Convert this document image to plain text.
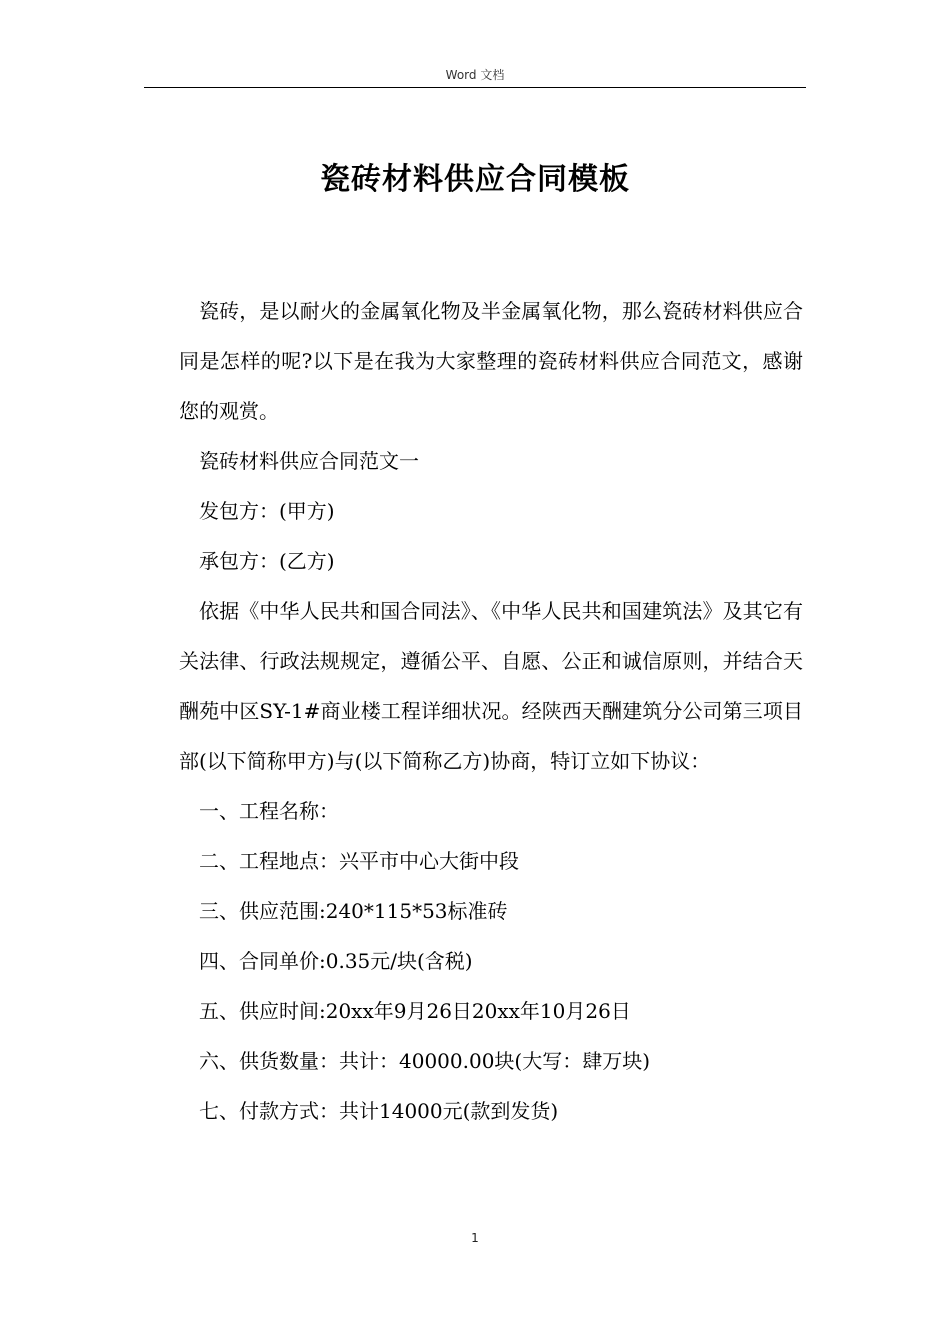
Word 文档
瓷砖材料供应合同模板

瓷砖，是以耐火的金属氧化物及半金属氧化物，那么瓷砖材料供应合同是怎样的呢?以下是在我为大家整理的瓷砖材料供应合同范文，感谢您的观赏。

瓷砖材料供应合同范文一

发包方：(甲方)

承包方：(乙方)

依据《中华人民共和国合同法》、《中华人民共和国建筑法》及其它有关法律、行政法规规定，遵循公平、自愿、公正和诚信原则，并结合天酬苑中区SY-1#商业楼工程详细状况。经陕西天酬建筑分公司第三项目部(以下简称甲方)与(以下简称乙方)协商，特订立如下协议：

一、工程名称：

二、工程地点：兴平市中心大街中段

三、供应范围:240*115*53标准砖

四、合同单价:0.35元/块(含税)

五、供应时间:20xx年9月26日20xx年10月26日

六、供货数量：共计：40000.00块(大写：肆万块)

七、付款方式：共计14000元(款到发货)

1
